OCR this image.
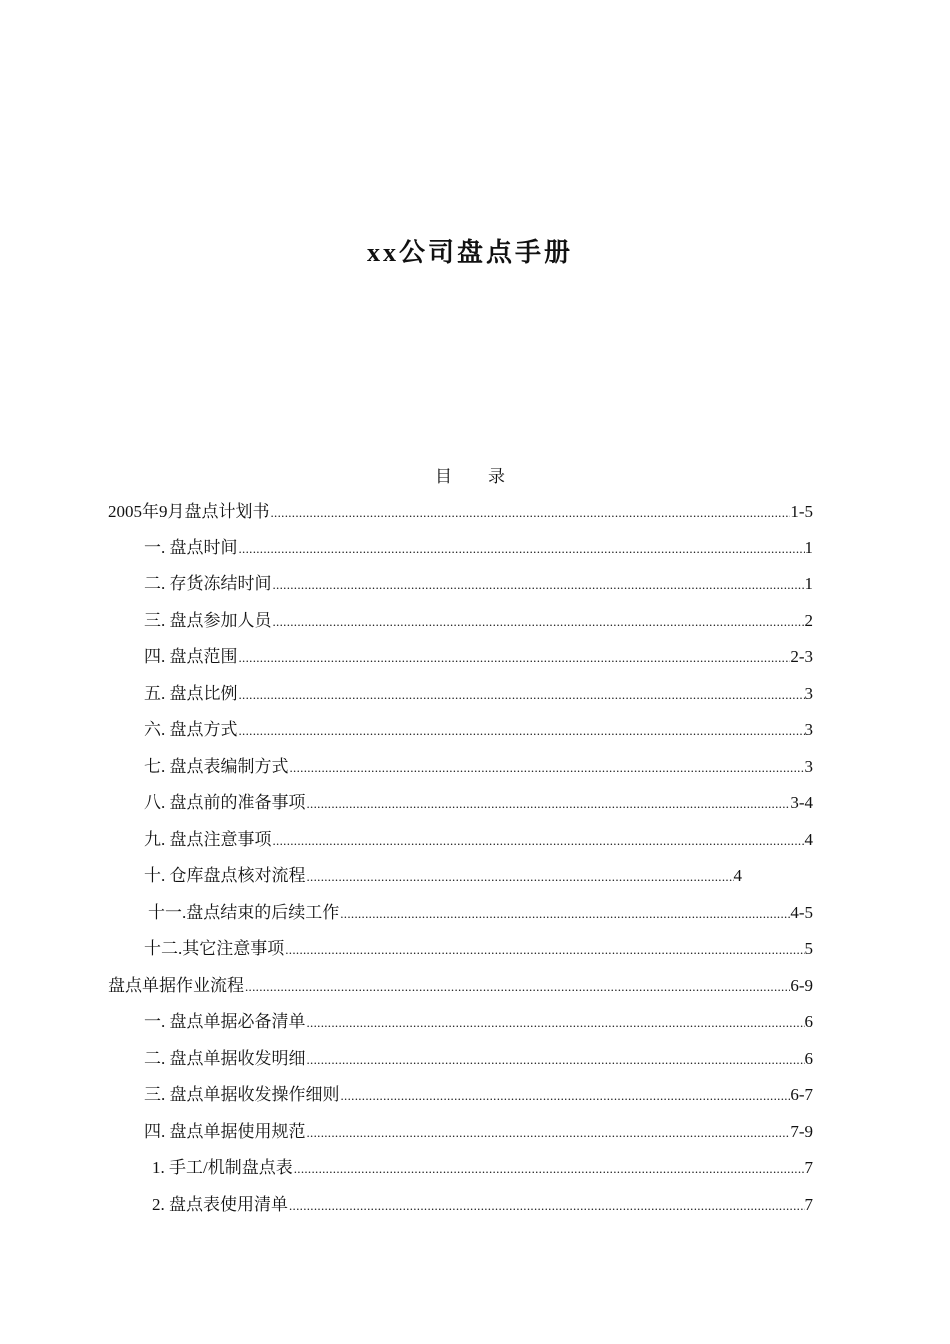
xx公司盘点手册
目 录
2005年9月盘点计划书 .....	1-5
一. 盘点时间 .....	1
二. 存货冻结时间 .....	1
三. 盘点参加人员 .....	2
四. 盘点范围 .....	2-3
五. 盘点比例 .....	3
六. 盘点方式 .....	3
七. 盘点表编制方式 .....	3
八. 盘点前的准备事项 .....	3-4
九. 盘点注意事项 .....	4
十. 仓库盘点核对流程 .....	4
十一.盘点结束的后续工作 .....	4-5
十二.其它注意事项 .....	5
盘点单据作业流程 .....	6-9
一. 盘点单据必备清单 .....	6
二. 盘点单据收发明细 .....	6
三. 盘点单据收发操作细则 .....	6-7
四. 盘点单据使用规范 .....	7-9
1. 手工/机制盘点表 .....	7
2. 盘点表使用清单 .....	7
